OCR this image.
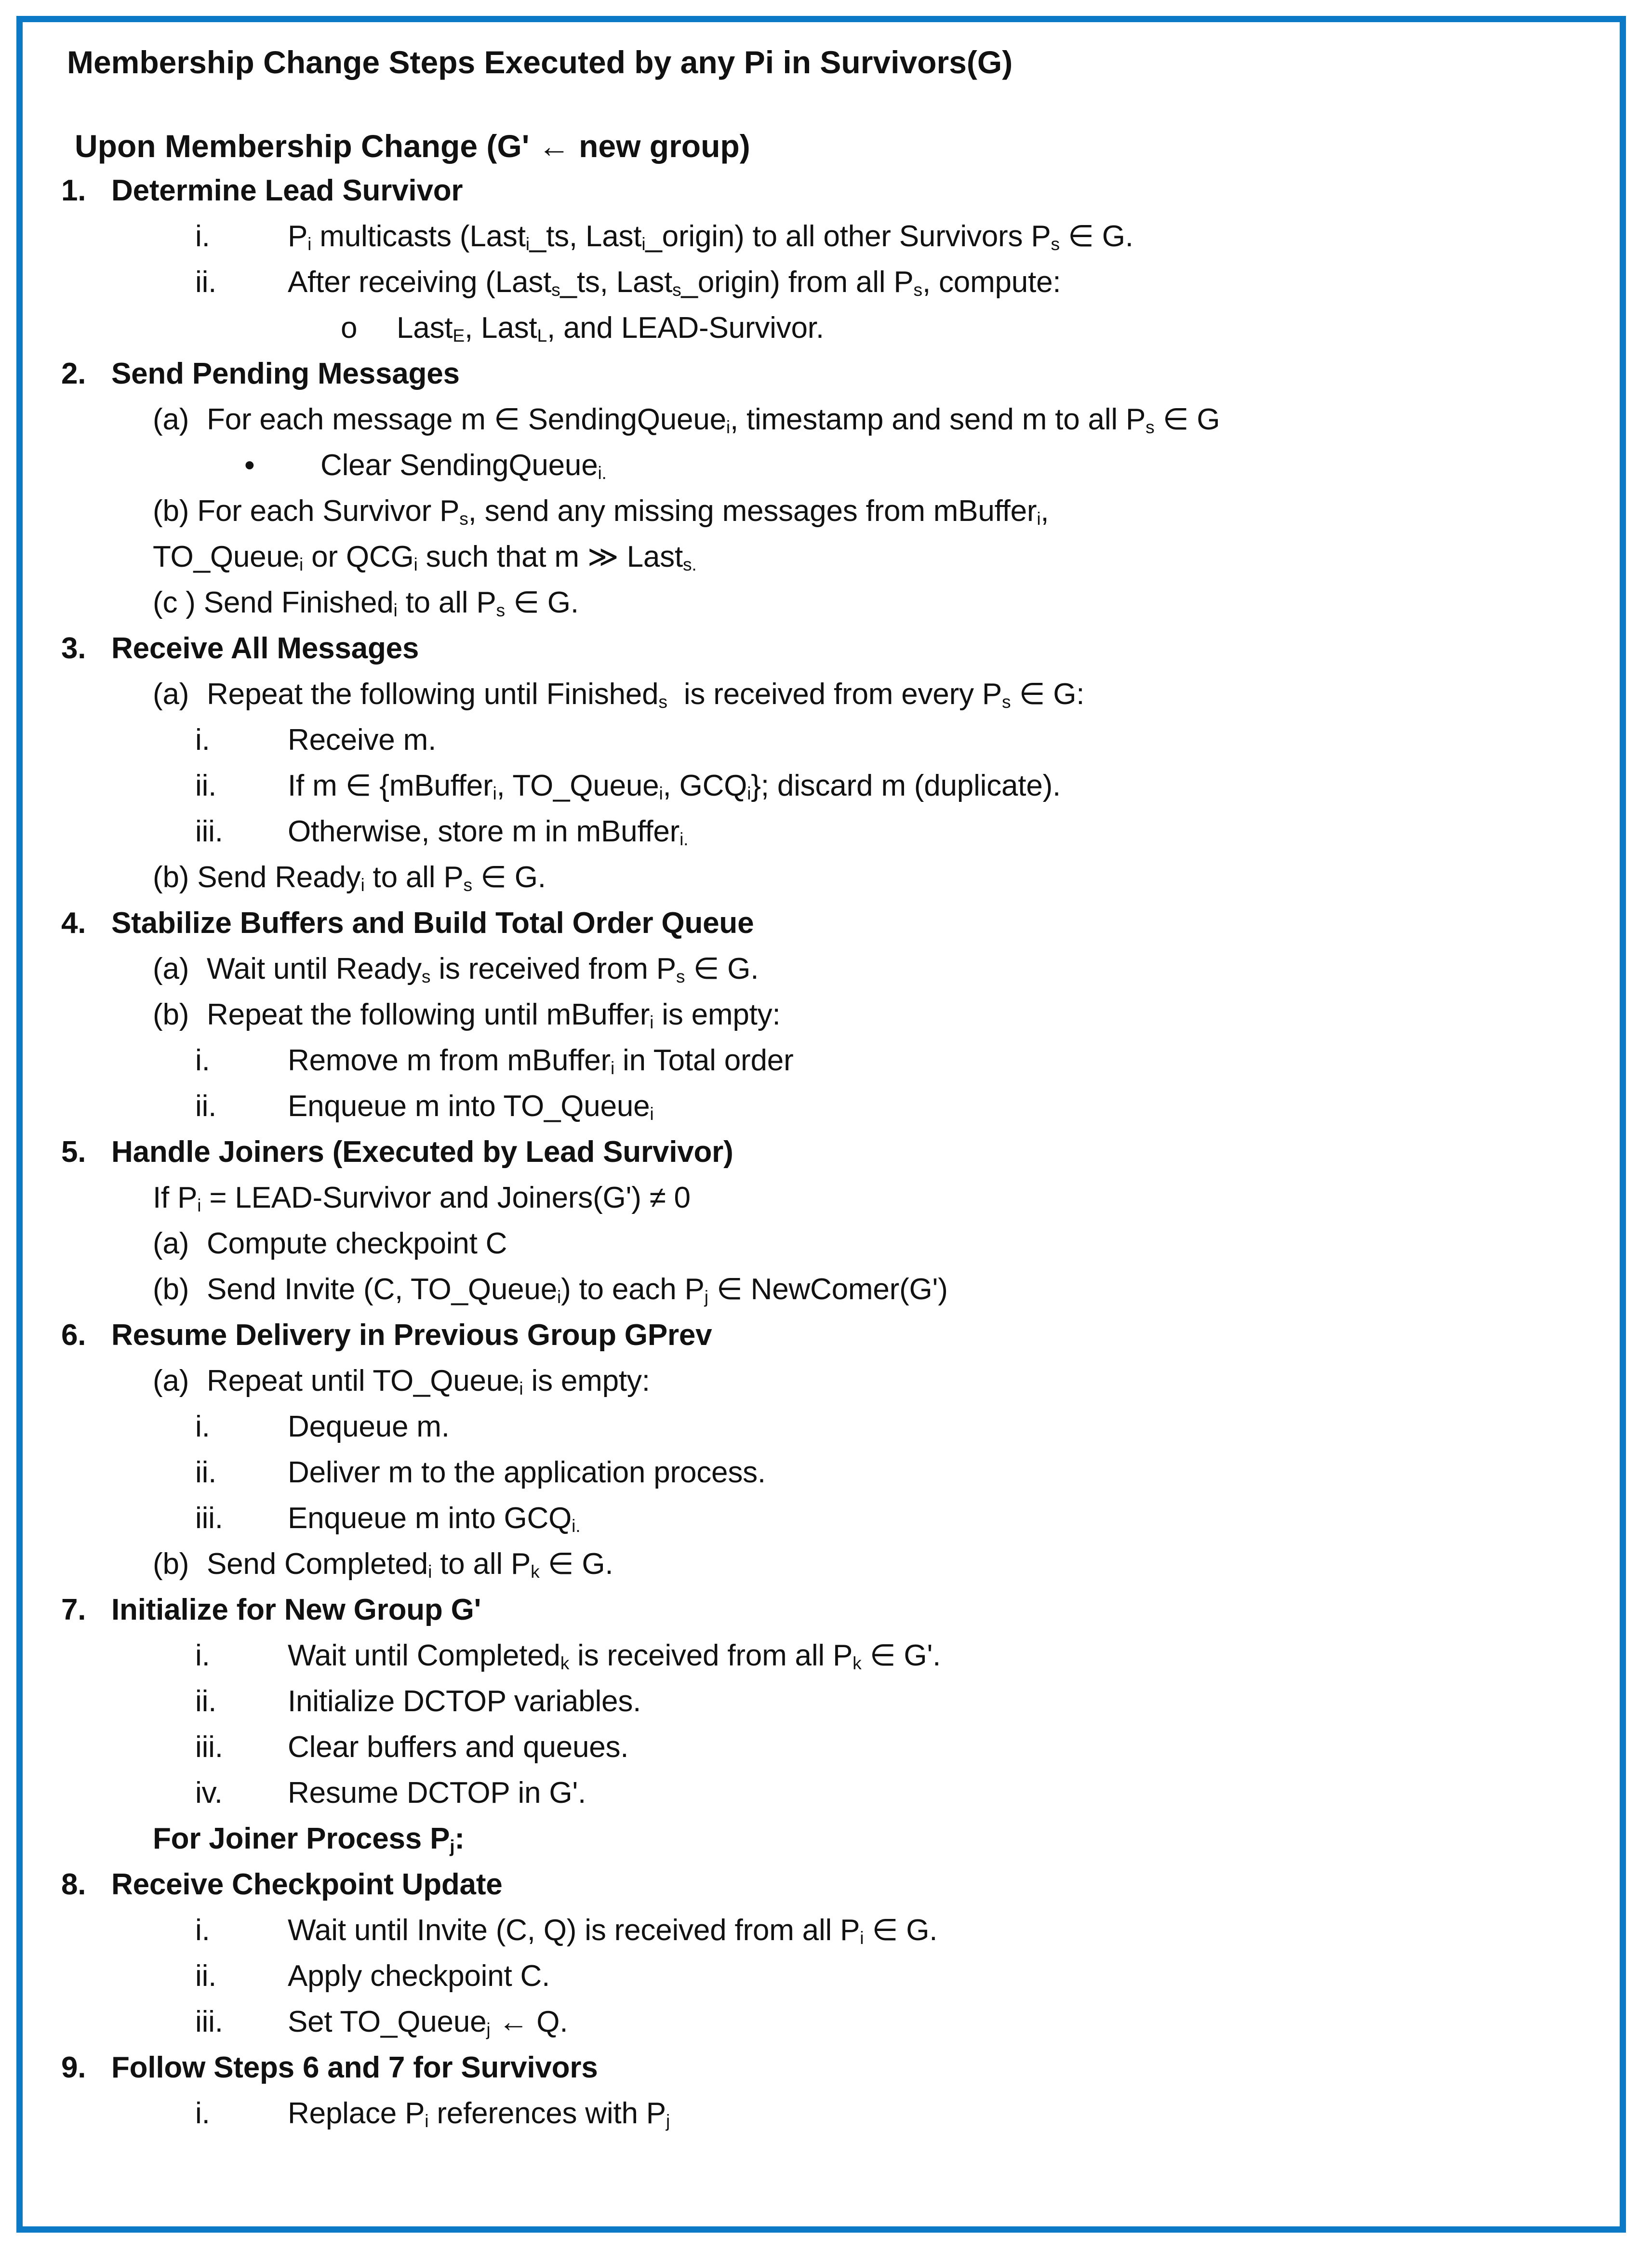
Membership Change Steps Executed by any Pi in Survivors(G)
Upon Membership Change (G' ← new group)
1. Determine Lead Survivor
i.	$P_i$ multicasts (Last$_i$_ts, Last$_i$_origin) to all other Survivors $P_s$ ∈ G.
ii.	After receiving (Last$_s$_ts, Last$_s$_origin) from all $P_s$, compute:
o	Last$_E$, Last$_L$, and LEAD-Survivor.
2. Send Pending Messages
(a) For each message m ∈ SendingQueue$_i$, timestamp and send m to all $P_s$ ∈ G
•	Clear SendingQueue$_{i.}$
(b) For each Survivor $P_s$, send any missing messages from mBuffer$_i$,
TO_Queue$_i$ or $QCG_i$ such that m ≫ Last$_{s.}$
(c ) Send Finished$_i$ to all $P_s$ ∈ G.
3. Receive All Messages
(a) Repeat the following until Finished$_s$  is received from every $P_s$ ∈ G:
i.	Receive m.
ii.	If m ∈ {mBuffer$_i$, TO_Queue$_i$, $GCQ_i$}; discard m (duplicate).
iii.	Otherwise, store m in mBuffer$_{i.}$
(b) Send Ready$_i$ to all $P_s$ ∈ G.
4. Stabilize Buffers and Build Total Order Queue
(a) Wait until Ready$_s$ is received from $P_s$ ∈ G.
(b) Repeat the following until mBuffer$_i$ is empty:
i.	Remove m from mBuffer$_i$ in Total order
ii.	Enqueue m into TO_Queue$_i$
5. Handle Joiners (Executed by Lead Survivor)
If $P_i$ = LEAD-Survivor and Joiners(G') ≠ 0
(a) Compute checkpoint C
(b) Send Invite (C, TO_Queue$_i$) to each $P_j$ ∈ NewComer(G')
6. Resume Delivery in Previous Group GPrev
(a) Repeat until TO_Queue$_i$ is empty:
i.	Dequeue m.
ii.	Deliver m to the application process.
iii.	Enqueue m into $GCQ_{i.}$
(b) Send Completed$_i$ to all $P_k$ ∈ G.
7. Initialize for New Group G'
i.	Wait until Completed$_k$ is received from all $P_k$ ∈ G'.
ii.	Initialize DCTOP variables.
iii.	Clear buffers and queues.
iv.	Resume DCTOP in G'.
For Joiner Process $P_j$:
8. Receive Checkpoint Update
i.	Wait until Invite (C, Q) is received from all $P_i$ ∈ G.
ii.	Apply checkpoint C.
iii.	Set TO_Queue$_j$ ← Q.
9. Follow Steps 6 and 7 for Survivors
i.	Replace $P_i$ references with $P_j$
